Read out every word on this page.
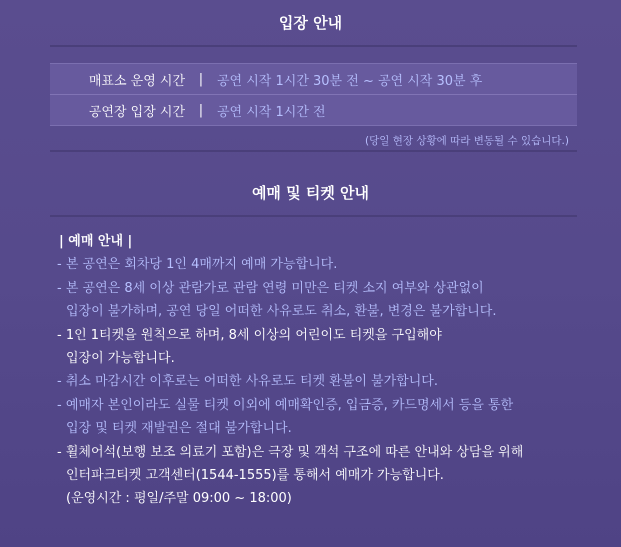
입장 안내
매표소 운영 시간	|	공연 시작 1시간 30분 전 ~ 공연 시작 30분 후
공연장 입장 시간	|	공연 시작 1시간 전
(당일 현장 상황에 따라 변동될 수 있습니다.)
예매 및 티켓 안내
| 예매 안내 |
- 본 공연은 회차당 1인 4매까지 예매 가능합니다.
- 본 공연은 8세 이상 관람가로 관람 연령 미만은 티켓 소지 여부와 상관없이
입장이 불가하며, 공연 당일 어떠한 사유로도 취소, 환불, 변경은 불가합니다.
- 1인 1티켓을 원칙으로 하며, 8세 이상의 어린이도 티켓을 구입해야
입장이 가능합니다.
- 취소 마감시간 이후로는 어떠한 사유로도 티켓 환불이 불가합니다.
- 예매자 본인이라도 실물 티켓 이외에 예매확인증, 입금증, 카드명세서 등을 통한
입장 및 티켓 재발권은 절대 불가합니다.
- 휠체어석(보행 보조 의료기 포함)은 극장 및 객석 구조에 따른 안내와 상담을 위해
인터파크티켓 고객센터(1544-1555)를 통해서 예매가 가능합니다.
(운영시간 : 평일/주말 09:00 ~ 18:00)
